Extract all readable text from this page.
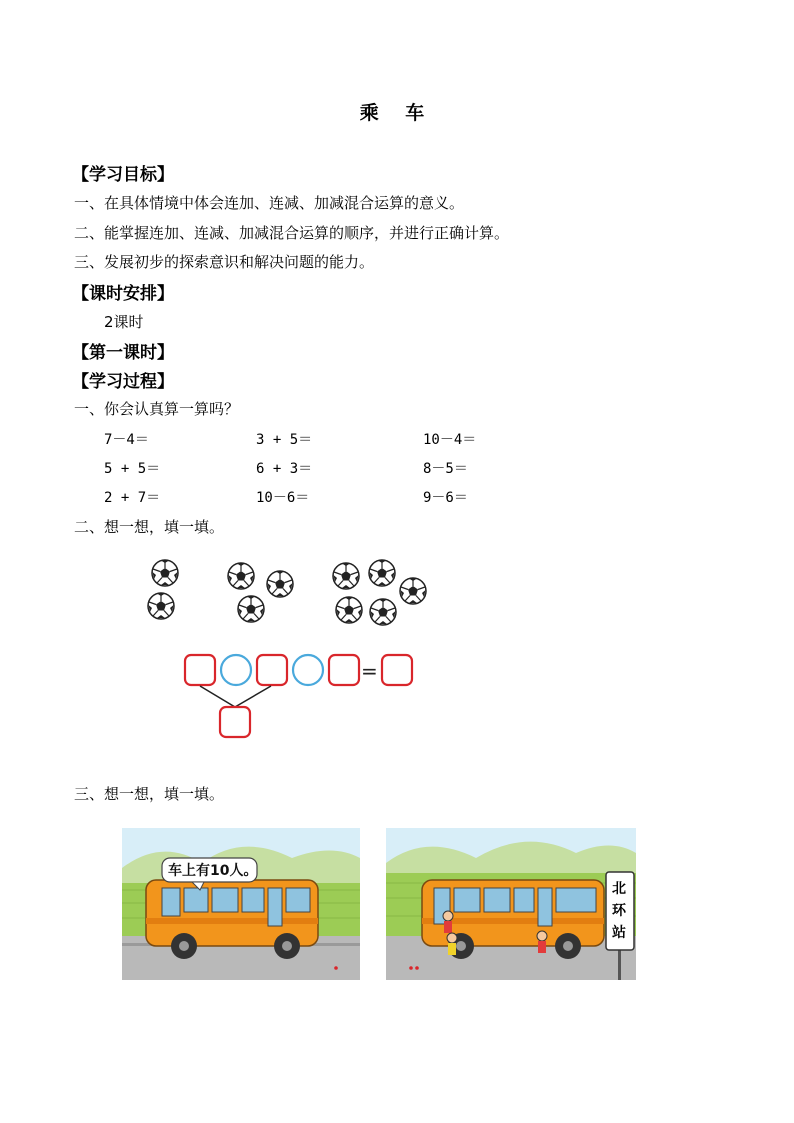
乘 车
【学习目标】
一、在具体情境中体会连加、连减、加减混合运算的意义。
二、能掌握连加、连减、加减混合运算的顺序，并进行正确计算。
三、发展初步的探索意识和解决问题的能力。
【课时安排】
2课时
【第一课时】
【学习过程】
一、你会认真算一算吗？
7－4＝	3 + 5＝	10－4＝
5 + 5＝	6 + 3＝	8－5＝
2 + 7＝	10－6＝	9－6＝
二、想一想，填一填。
=
三、想一想，填一填。
车上有10人。
北
环
站
